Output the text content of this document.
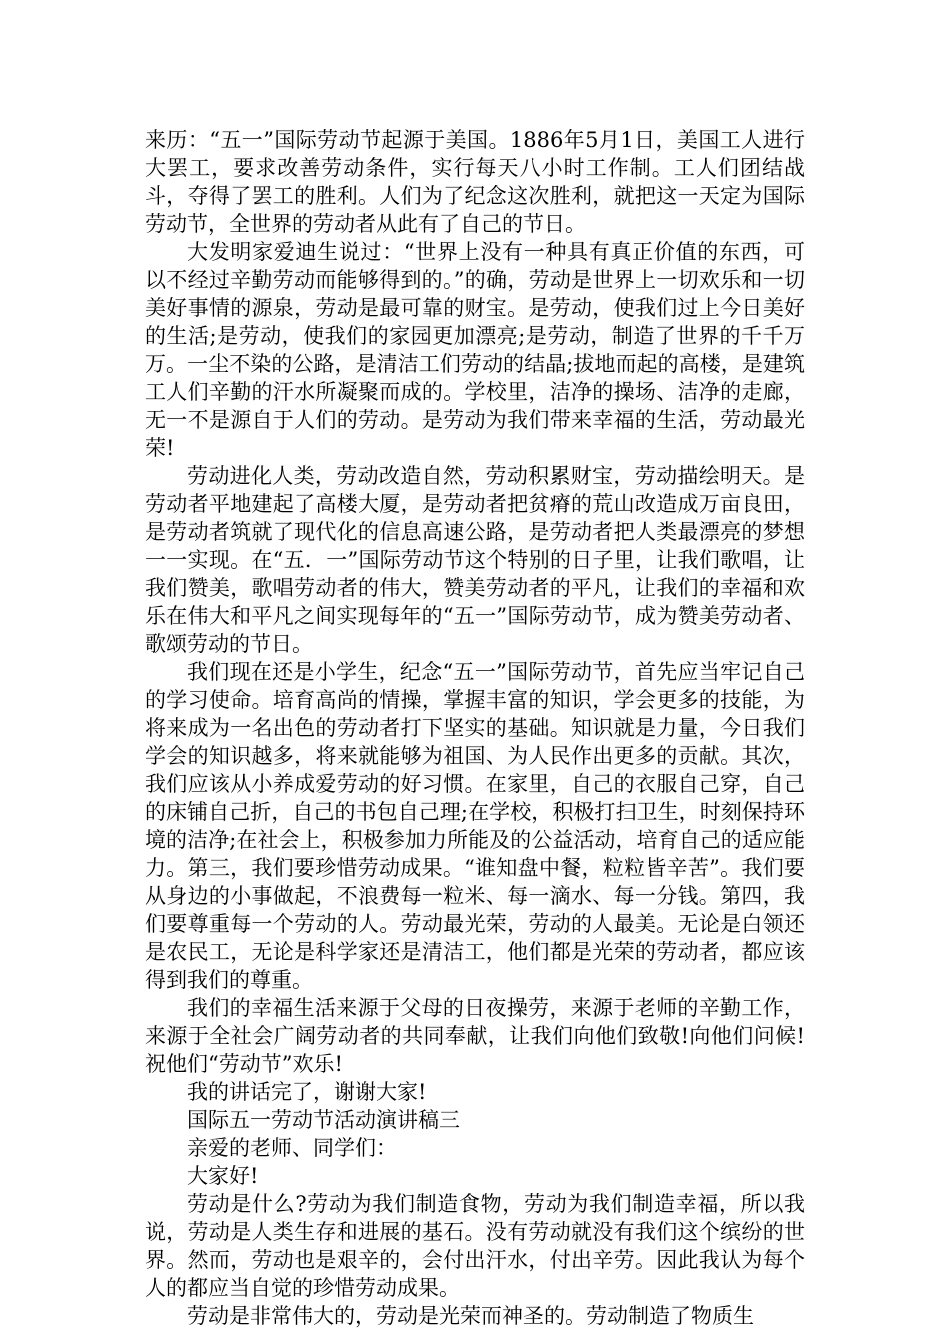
来历：“五一”国际劳动节起源于美国。1886年5月1日，美国工人进行大罢工，要求改善劳动条件，实行每天八小时工作制。工人们团结战斗，夺得了罢工的胜利。人们为了纪念这次胜利，就把这一天定为国际劳动节，全世界的劳动者从此有了自己的节日。

大发明家爱迪生说过：“世界上没有一种具有真正价值的东西，可以不经过辛勤劳动而能够得到的。”的确，劳动是世界上一切欢乐和一切美好事情的源泉，劳动是最可靠的财宝。是劳动，使我们过上今日美好的生活;是劳动，使我们的家园更加漂亮;是劳动，制造了世界的千千万万。一尘不染的公路，是清洁工们劳动的结晶;拔地而起的高楼，是建筑工人们辛勤的汗水所凝聚而成的。学校里，洁净的操场、洁净的走廊，无一不是源自于人们的劳动。是劳动为我们带来幸福的生活，劳动最光荣!

劳动进化人类，劳动改造自然，劳动积累财宝，劳动描绘明天。是劳动者平地建起了高楼大厦，是劳动者把贫瘠的荒山改造成万亩良田，是劳动者筑就了现代化的信息高速公路，是劳动者把人类最漂亮的梦想一一实现。在“五．一”国际劳动节这个特别的日子里，让我们歌唱，让我们赞美，歌唱劳动者的伟大，赞美劳动者的平凡，让我们的幸福和欢乐在伟大和平凡之间实现每年的“五一”国际劳动节，成为赞美劳动者、歌颂劳动的节日。

我们现在还是小学生，纪念“五一”国际劳动节，首先应当牢记自己的学习使命。培育高尚的情操，掌握丰富的知识，学会更多的技能，为将来成为一名出色的劳动者打下坚实的基础。知识就是力量，今日我们学会的知识越多，将来就能够为祖国、为人民作出更多的贡献。其次，我们应该从小养成爱劳动的好习惯。在家里，自己的衣服自己穿，自己的床铺自己折，自己的书包自己理;在学校，积极打扫卫生，时刻保持环境的洁净;在社会上，积极参加力所能及的公益活动，培育自己的适应能力。第三，我们要珍惜劳动成果。“谁知盘中餐，粒粒皆辛苦”。我们要从身边的小事做起，不浪费每一粒米、每一滴水、每一分钱。第四，我们要尊重每一个劳动的人。劳动最光荣，劳动的人最美。无论是白领还是农民工，无论是科学家还是清洁工，他们都是光荣的劳动者，都应该得到我们的尊重。

我们的幸福生活来源于父母的日夜操劳，来源于老师的辛勤工作，来源于全社会广阔劳动者的共同奉献，让我们向他们致敬!向他们问候!祝他们“劳动节”欢乐!

我的讲话完了，谢谢大家!

国际五一劳动节活动演讲稿三

亲爱的老师、同学们：

大家好!

劳动是什么?劳动为我们制造食物，劳动为我们制造幸福，所以我说，劳动是人类生存和进展的基石。没有劳动就没有我们这个缤纷的世界。然而，劳动也是艰辛的，会付出汗水，付出辛劳。因此我认为每个人的都应当自觉的珍惜劳动成果。

劳动是非常伟大的，劳动是光荣而神圣的。劳动制造了物质生
